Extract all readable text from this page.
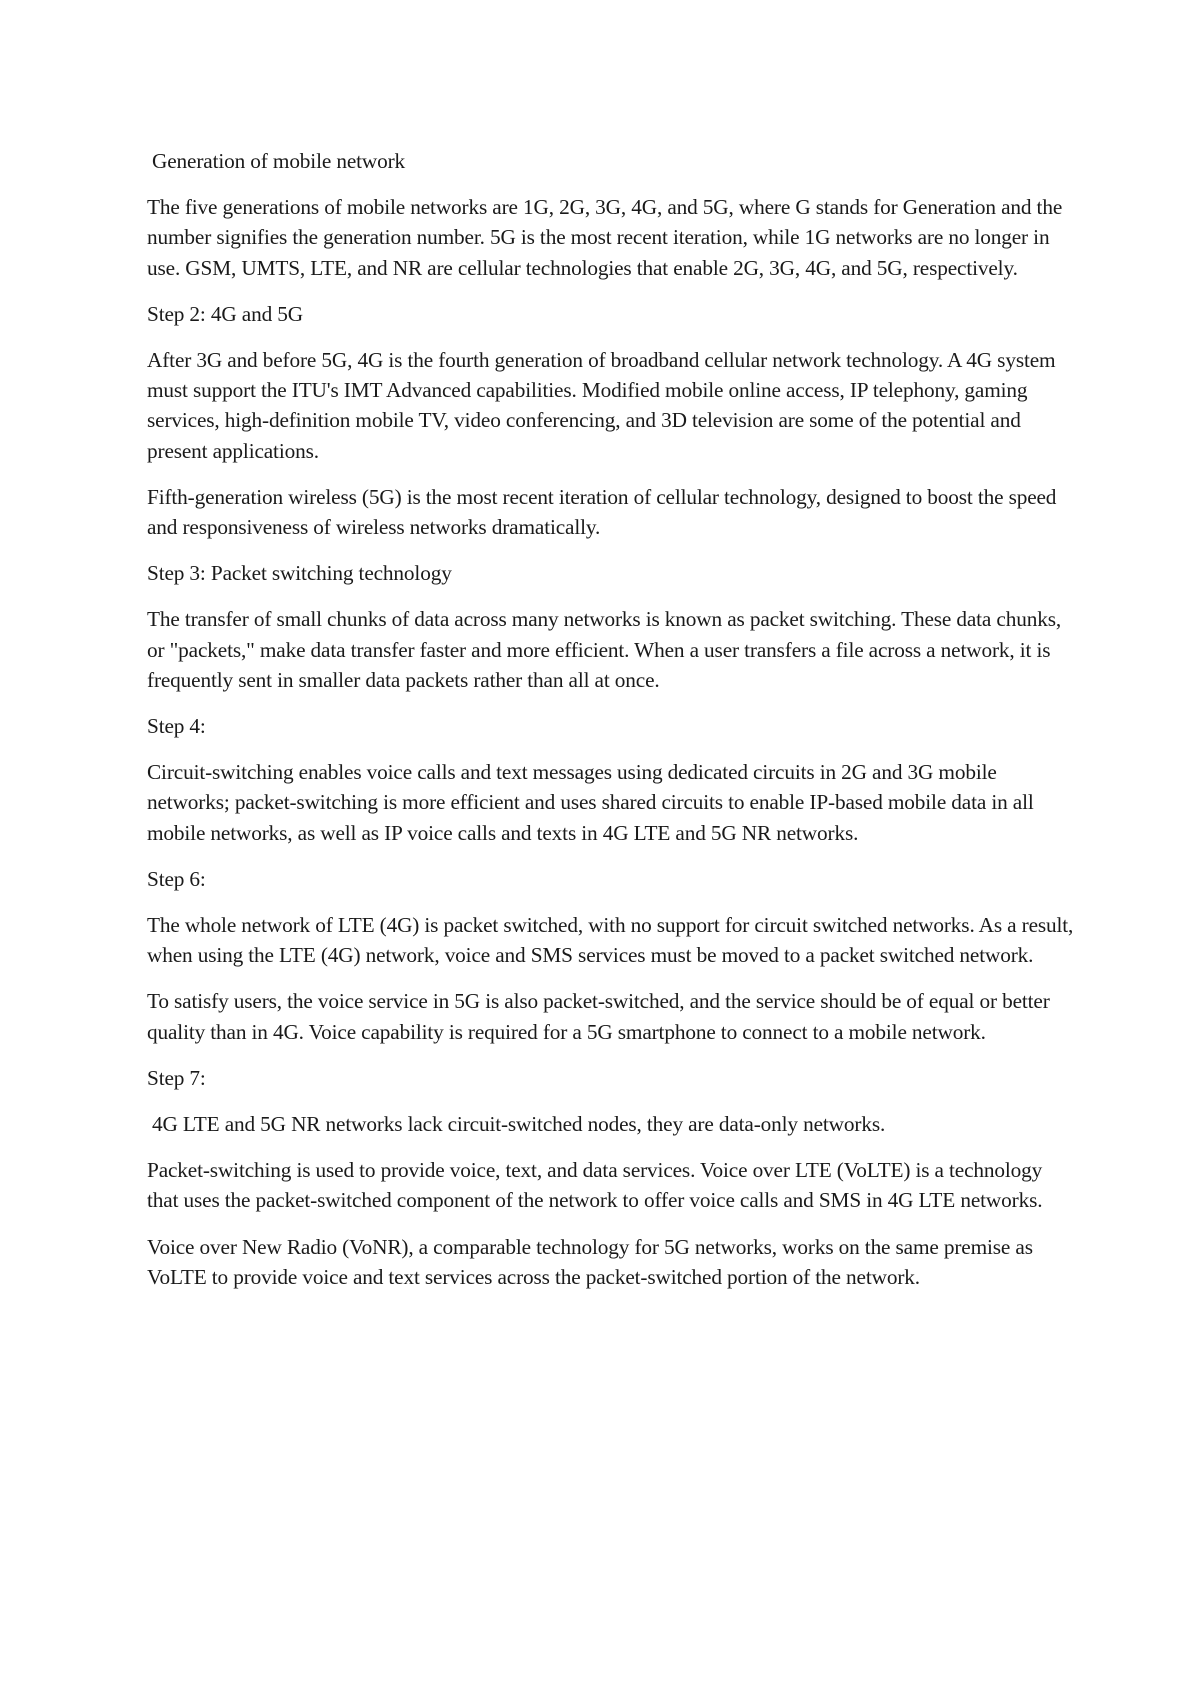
Generation of mobile network

The five generations of mobile networks are 1G, 2G, 3G, 4G, and 5G, where G stands for Generation and the number signifies the generation number. 5G is the most recent iteration, while 1G networks are no longer in use. GSM, UMTS, LTE, and NR are cellular technologies that enable 2G, 3G, 4G, and 5G, respectively.

Step 2: 4G and 5G

After 3G and before 5G, 4G is the fourth generation of broadband cellular network technology. A 4G system must support the ITU's IMT Advanced capabilities. Modified mobile online access, IP telephony, gaming services, high-definition mobile TV, video conferencing, and 3D television are some of the potential and present applications.

Fifth-generation wireless (5G) is the most recent iteration of cellular technology, designed to boost the speed and responsiveness of wireless networks dramatically.

Step 3: Packet switching technology

The transfer of small chunks of data across many networks is known as packet switching. These data chunks, or "packets," make data transfer faster and more efficient. When a user transfers a file across a network, it is frequently sent in smaller data packets rather than all at once.

Step 4:

Circuit-switching enables voice calls and text messages using dedicated circuits in 2G and 3G mobile networks; packet-switching is more efficient and uses shared circuits to enable IP-based mobile data in all mobile networks, as well as IP voice calls and texts in 4G LTE and 5G NR networks.

Step 6:

The whole network of LTE (4G) is packet switched, with no support for circuit switched networks. As a result, when using the LTE (4G) network, voice and SMS services must be moved to a packet switched network.

To satisfy users, the voice service in 5G is also packet-switched, and the service should be of equal or better quality than in 4G. Voice capability is required for a 5G smartphone to connect to a mobile network.

Step 7:

4G LTE and 5G NR networks lack circuit-switched nodes, they are data-only networks.

Packet-switching is used to provide voice, text, and data services. Voice over LTE (VoLTE) is a technology that uses the packet-switched component of the network to offer voice calls and SMS in 4G LTE networks.

Voice over New Radio (VoNR), a comparable technology for 5G networks, works on the same premise as VoLTE to provide voice and text services across the packet-switched portion of the network.
